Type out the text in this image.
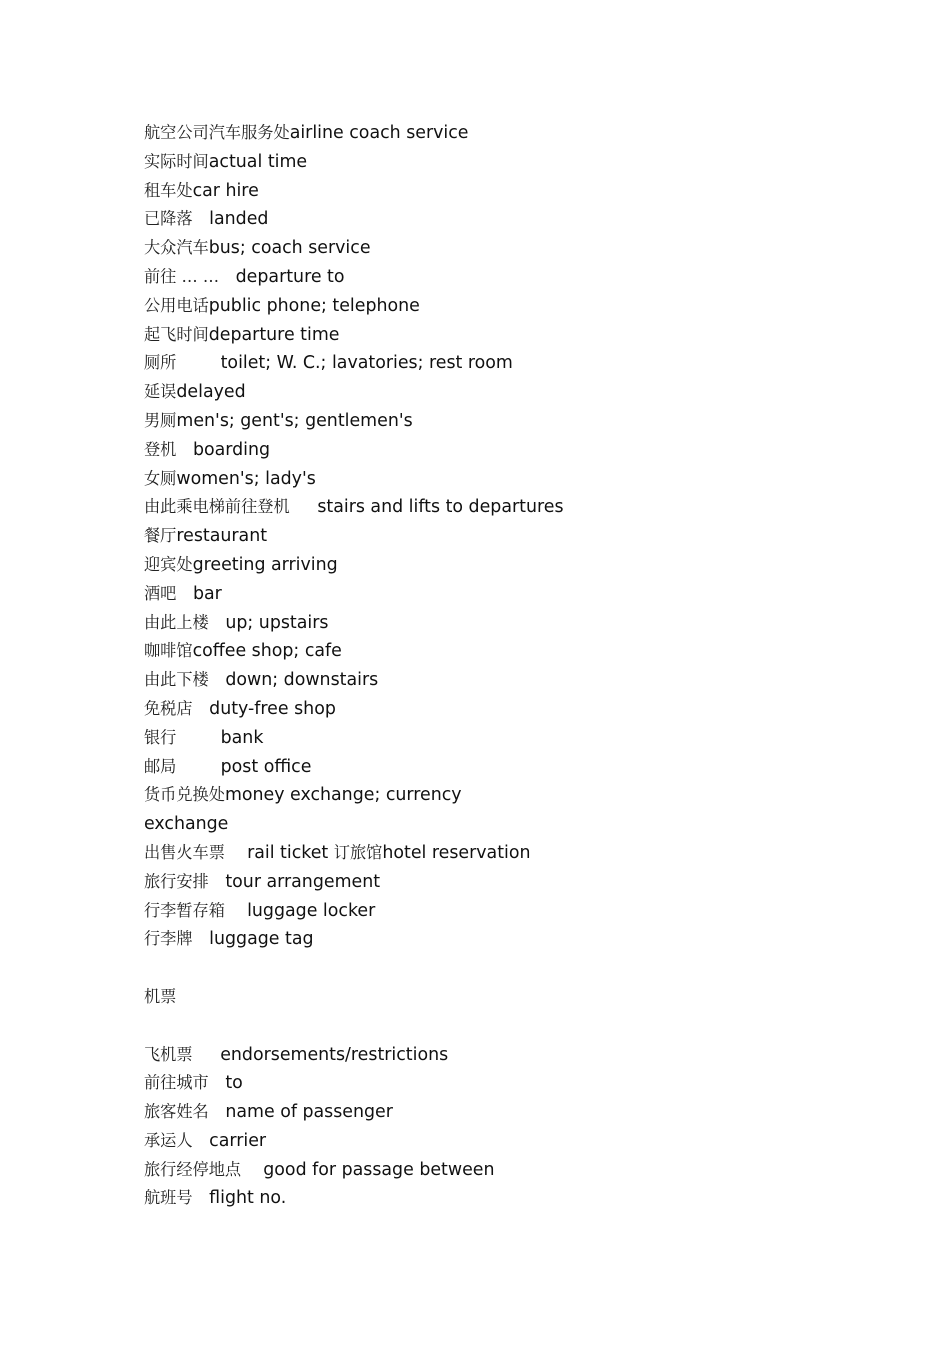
航空公司汽车服务处airline coach service
实际时间actual time
租车处car hire
已降落 landed
大众汽车bus; coach service
前往 … … departure to
公用电话public phone; telephone
起飞时间departure time
厕所	toilet; W. C.; lavatories; rest room
延误delayed
男厕men's; gent's; gentlemen's
登机 boarding
女厕women's; lady's
由此乘电梯前往登机 stairs and lifts to departures
餐厅restaurant
迎宾处greeting arriving
酒吧 bar
由此上楼 up; upstairs
咖啡馆coffee shop; cafe
由此下楼 down; downstairs
免税店 duty-free shop
银行	bank
邮局	post office
货币兑换处money exchange; currency
exchange
出售火车票 rail ticket 订旅馆hotel reservation
旅行安排 tour arrangement
行李暂存箱 luggage locker
行李牌 luggage tag
机票
飞机票 endorsements/restrictions
前往城市 to
旅客姓名 name of passenger
承运人 carrier
旅行经停地点 good for passage between
航班号 flight no.
